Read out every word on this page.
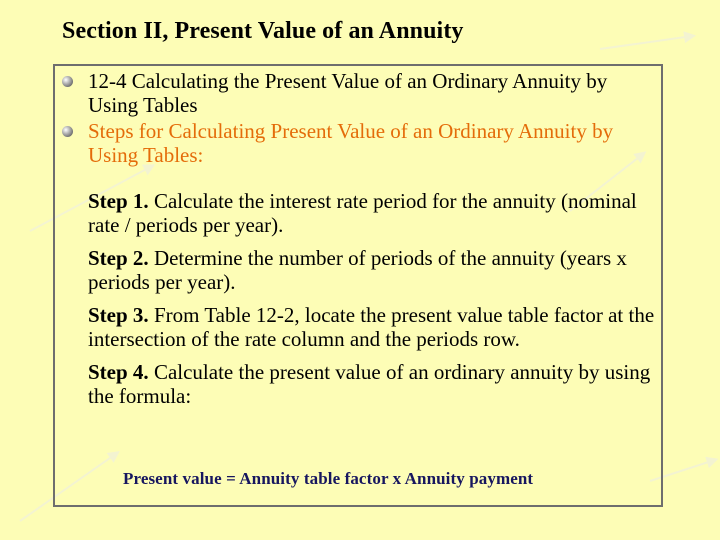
Section II, Present Value of an Annuity
12-4 Calculating the Present Value of an Ordinary Annuity by Using Tables
Steps for Calculating Present Value of an Ordinary Annuity by Using Tables:
Step 1. Calculate the interest rate period for the annuity (nominal rate / periods per year).
Step 2. Determine the number of periods of the annuity (years x periods per year).
Step 3. From Table 12-2, locate the present value table factor at the intersection of the rate column and the periods row.
Step 4. Calculate the present value of an ordinary annuity by using the formula:
Present value = Annuity table factor x Annuity payment
